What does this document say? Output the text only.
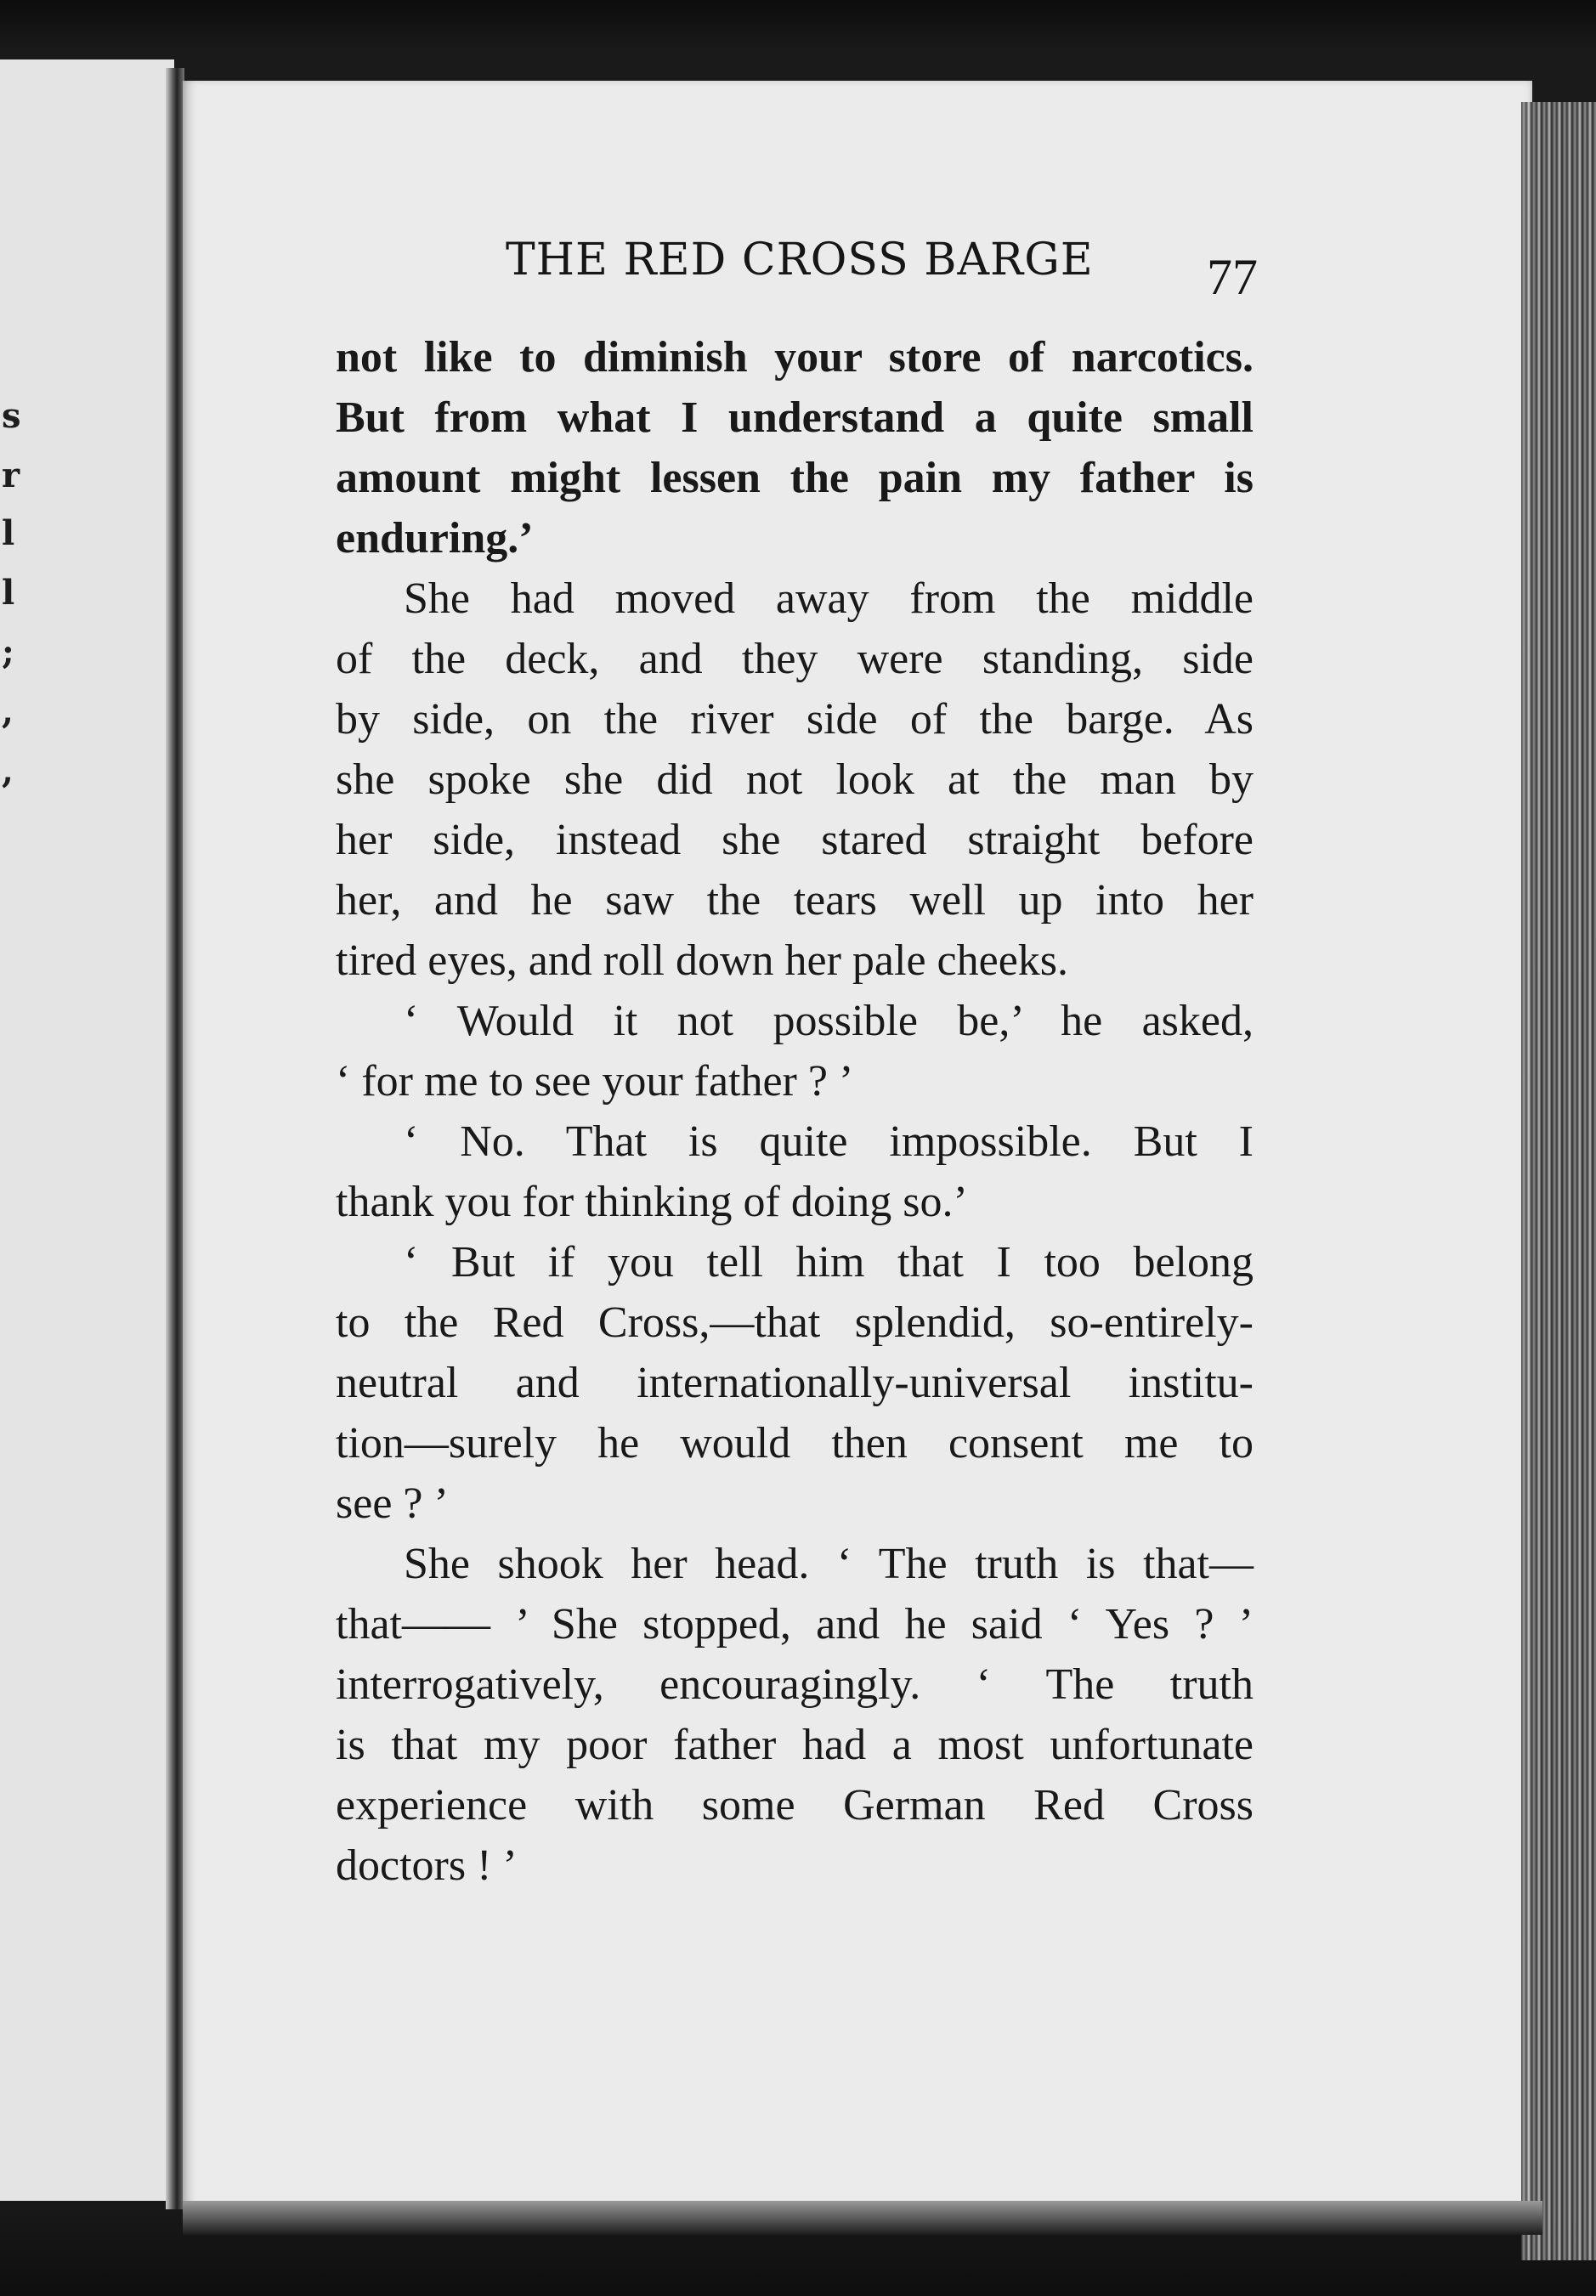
s
r
l
l
;
,
,
THE RED CROSS BARGE 77
not like to diminish your store of narcotics.
But from what I understand a quite small
amount might lessen the pain my father is
enduring.’
She had moved away from the middle
of the deck, and they were standing, side
by side, on the river side of the barge. As
she spoke she did not look at the man by
her side, instead she stared straight before
her, and he saw the tears well up into her
tired eyes, and roll down her pale cheeks.
‘ Would it not possible be,’ he asked,
‘ for me to see your father ? ’
‘ No. That is quite impossible. But I
thank you for thinking of doing so.’
‘ But if you tell him that I too belong
to the Red Cross,—that splendid, so-entirely-
neutral and internationally-universal institu-
tion—surely he would then consent me to
see ? ’
She shook her head. ‘ The truth is that—
that—— ’ She stopped, and he said ‘ Yes ? ’
interrogatively, encouragingly. ‘ The truth
is that my poor father had a most unfortunate
experience with some German Red Cross
doctors ! ’
